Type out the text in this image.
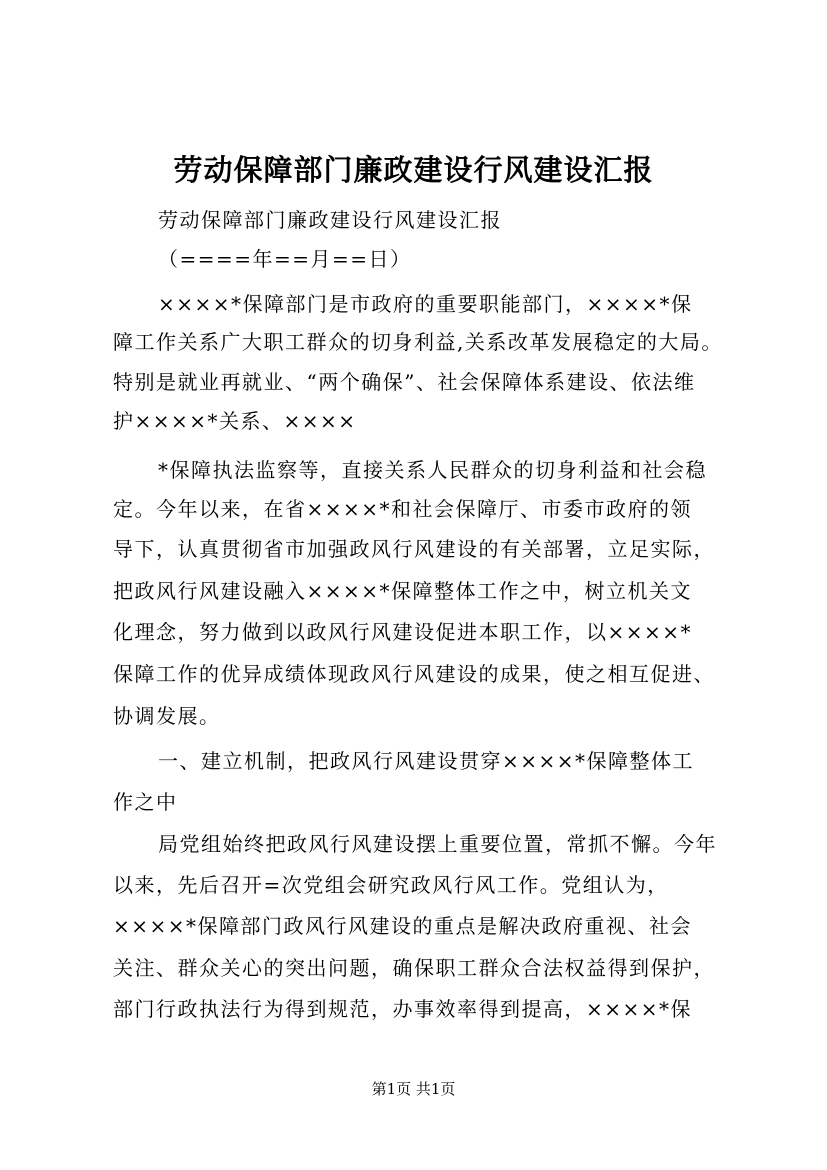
劳动保障部门廉政建设行风建设汇报
劳动保障部门廉政建设行风建设汇报
（====年==月==日）
××××*保障部门是市政府的重要职能部门，××××*保
障工作关系广大职工群众的切身利益,关系改革发展稳定的大局。
特别是就业再就业、“两个确保”、社会保障体系建设、依法维
护××××*关系、××××
*保障执法监察等，直接关系人民群众的切身利益和社会稳
定。今年以来，在省××××*和社会保障厅、市委市政府的领
导下，认真贯彻省市加强政风行风建设的有关部署，立足实际，
把政风行风建设融入××××*保障整体工作之中，树立机关文
化理念，努力做到以政风行风建设促进本职工作，以××××*
保障工作的优异成绩体现政风行风建设的成果，使之相互促进、
协调发展。
一、建立机制，把政风行风建设贯穿××××*保障整体工
作之中
局党组始终把政风行风建设摆上重要位置，常抓不懈。今年
以来，先后召开=次党组会研究政风行风工作。党组认为，
××××*保障部门政风行风建设的重点是解决政府重视、社会
关注、群众关心的突出问题，确保职工群众合法权益得到保护，
部门行政执法行为得到规范，办事效率得到提高，××××*保
第1页 共1页
